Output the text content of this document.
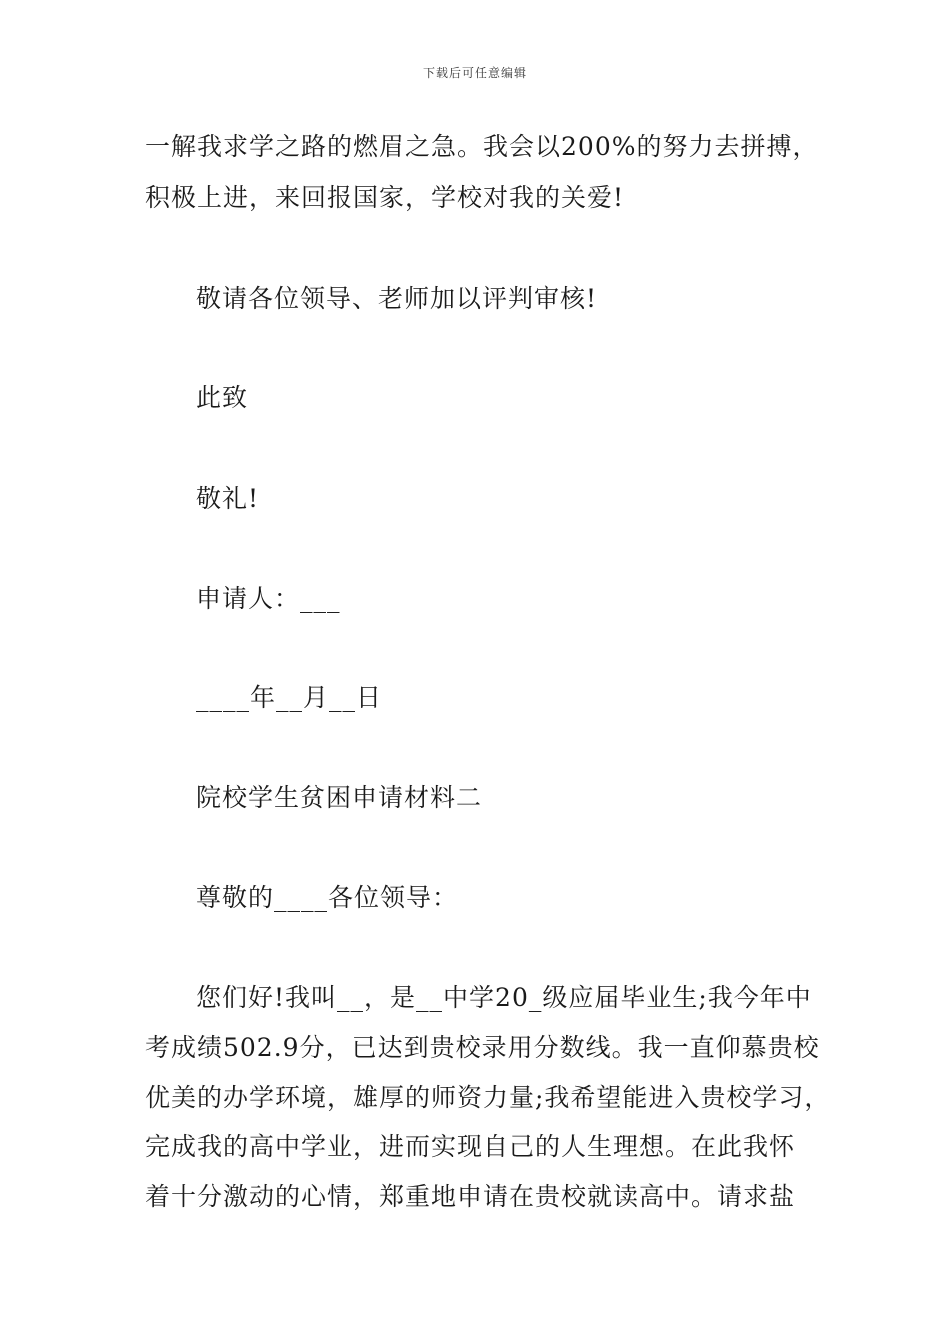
下载后可任意编辑
一解我求学之路的燃眉之急。我会以200%的努力去拼搏，
积极上进，来回报国家，学校对我的关爱!
敬请各位领导、老师加以评判审核!
此致
敬礼!
申请人：___
____年__月__日
院校学生贫困申请材料二
尊敬的____各位领导：
您们好!我叫__，是__中学20_级应届毕业生;我今年中
考成绩502.9分，已达到贵校录用分数线。我一直仰慕贵校
优美的办学环境，雄厚的师资力量;我希望能进入贵校学习，
完成我的高中学业，进而实现自己的人生理想。在此我怀
着十分激动的心情，郑重地申请在贵校就读高中。请求盐
